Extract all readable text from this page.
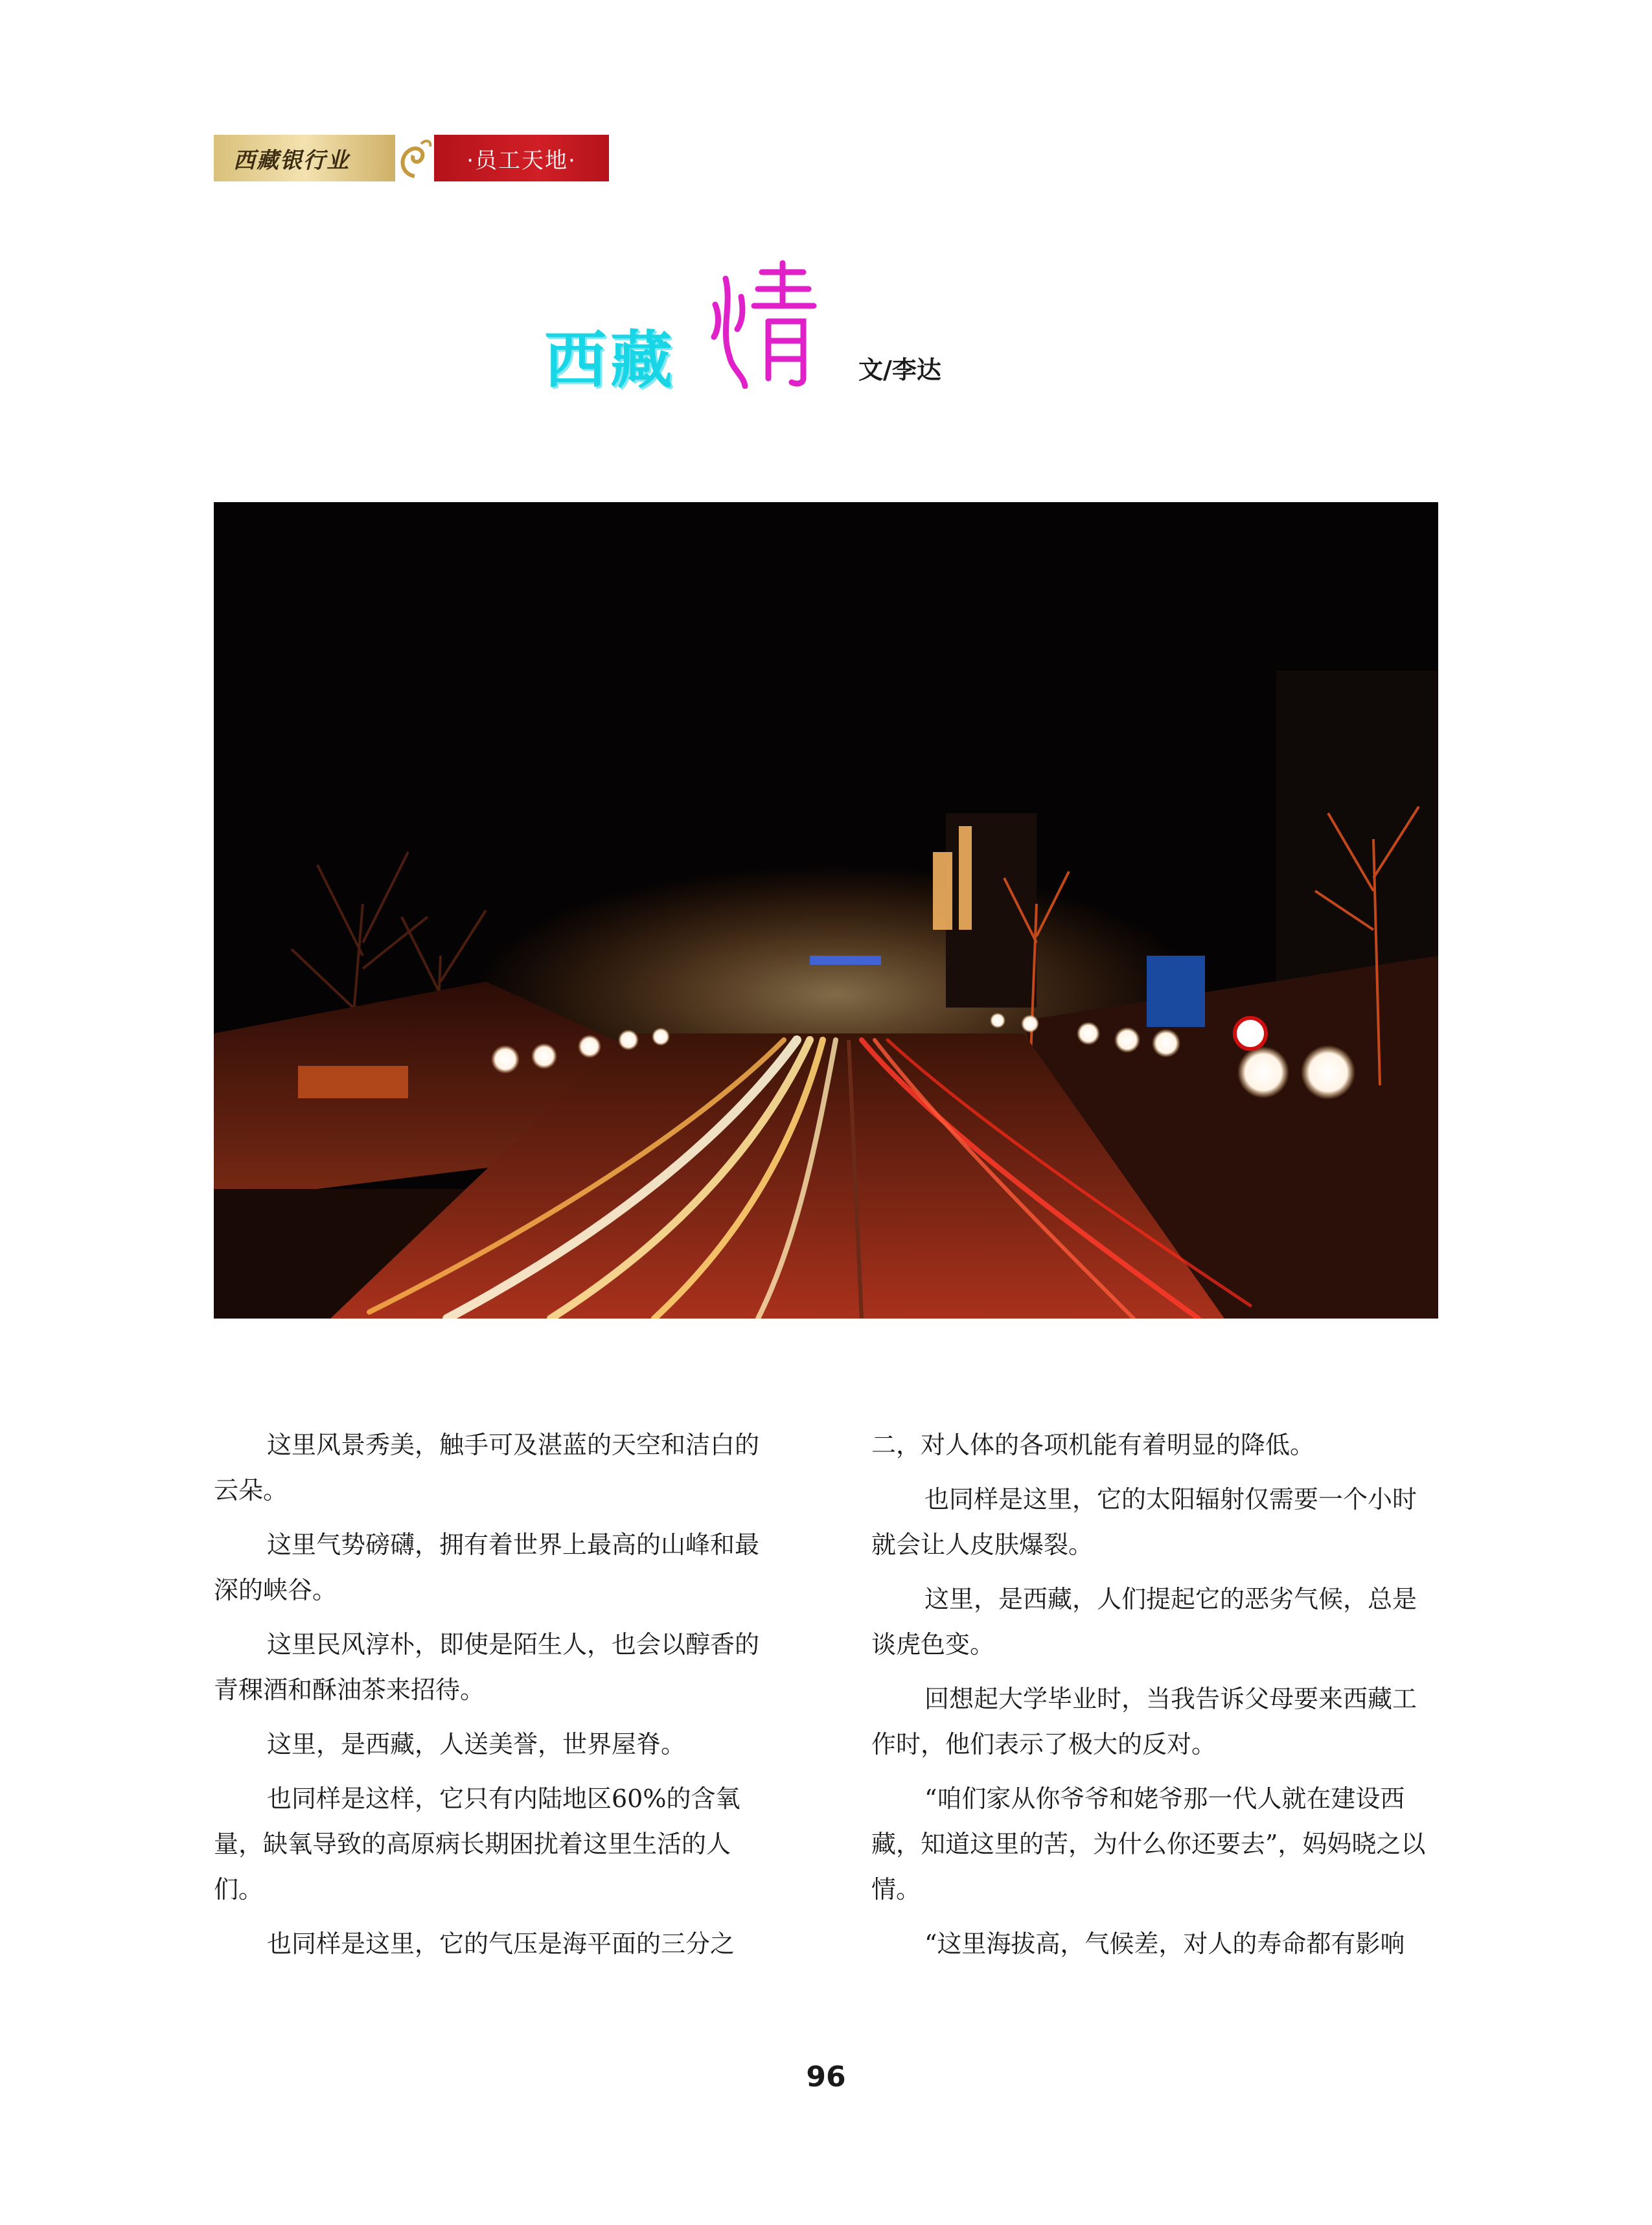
西藏银行业	·员工天地·
西藏	文/李达

这里风景秀美，触手可及湛蓝的天空和洁白的云朵。

这里气势磅礴，拥有着世界上最高的山峰和最深的峡谷。

这里民风淳朴，即使是陌生人，也会以醇香的青稞酒和酥油茶来招待。

这里，是西藏，人送美誉，世界屋脊。

也同样是这样，它只有内陆地区60%的含氧量，缺氧导致的高原病长期困扰着这里生活的人们。

也同样是这里，它的气压是海平面的三分之

二，对人体的各项机能有着明显的降低。

也同样是这里，它的太阳辐射仅需要一个小时就会让人皮肤爆裂。

这里，是西藏，人们提起它的恶劣气候，总是谈虎色变。

回想起大学毕业时，当我告诉父母要来西藏工作时，他们表示了极大的反对。

“咱们家从你爷爷和姥爷那一代人就在建设西藏，知道这里的苦，为什么你还要去”，妈妈晓之以情。

“这里海拔高，气候差，对人的寿命都有影响

96
